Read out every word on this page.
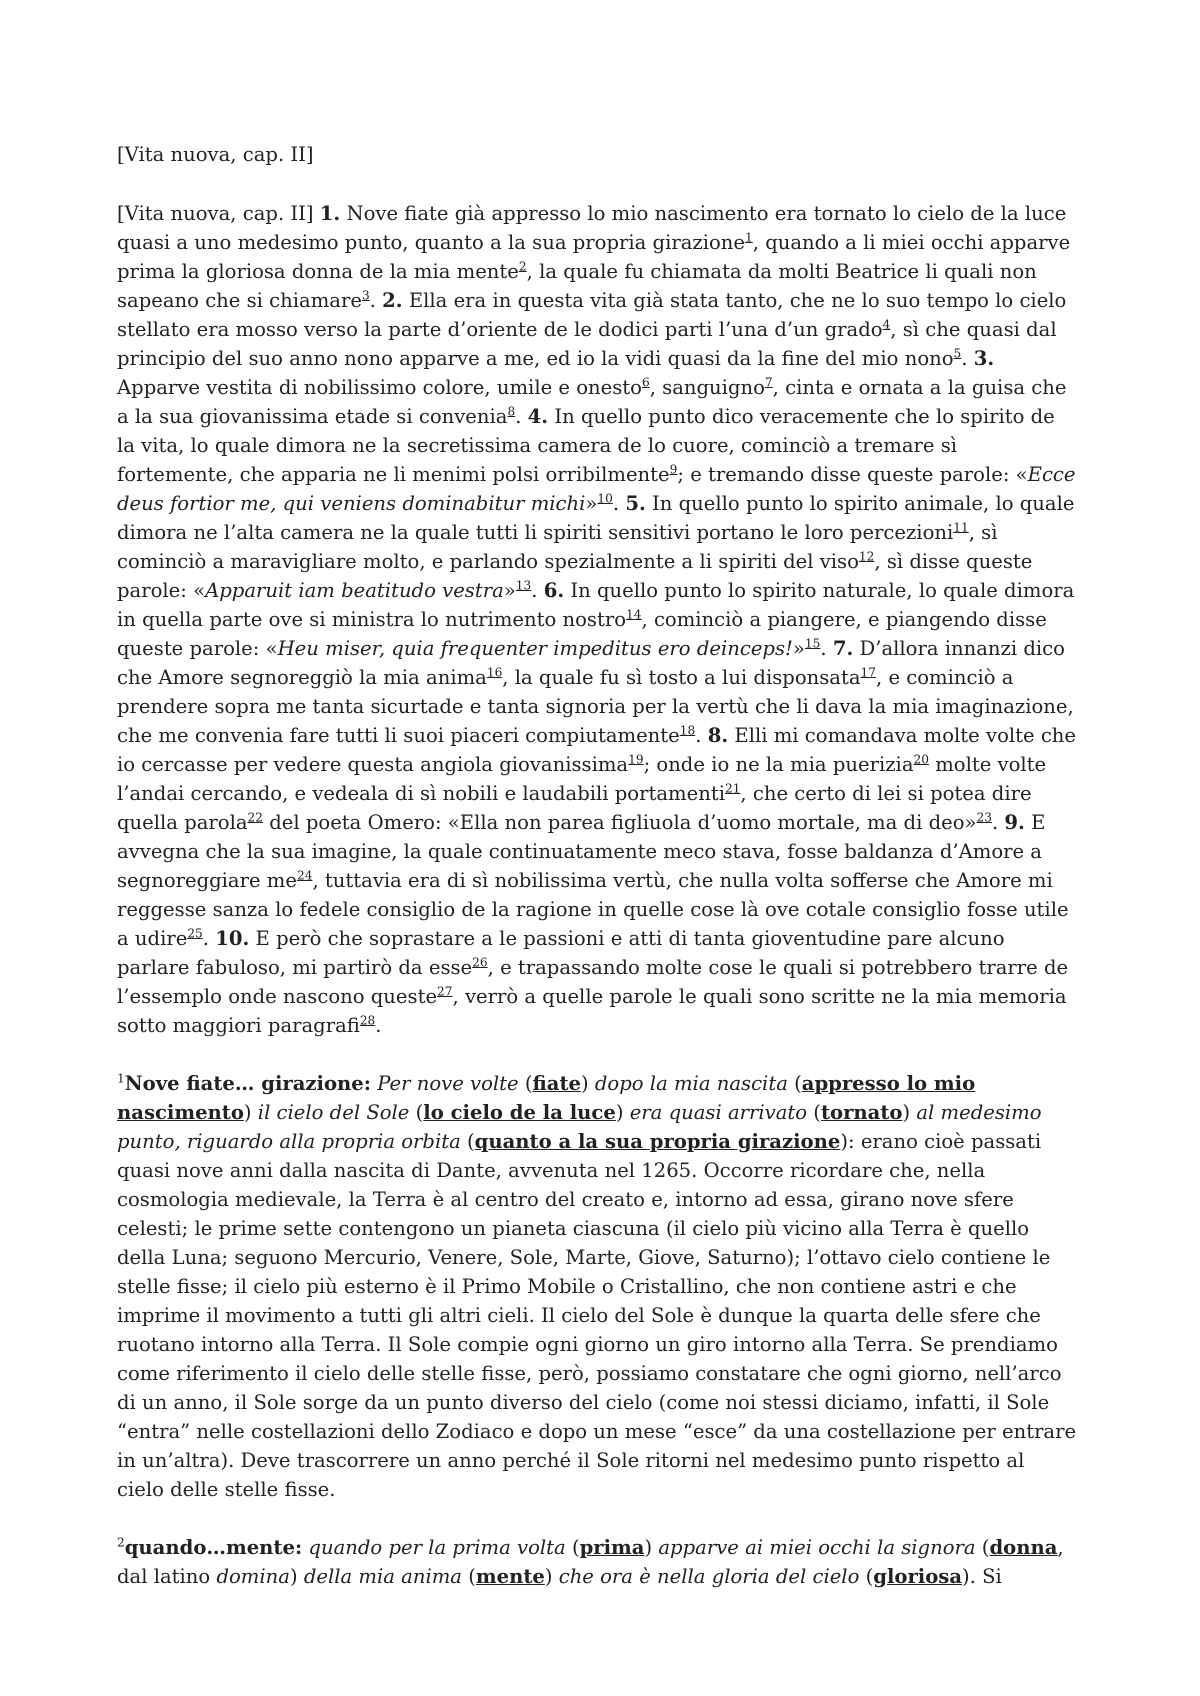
[Vita nuova, cap. II]

[Vita nuova, cap. II] 1. Nove fiate già appresso lo mio nascimento era tornato lo cielo de la luce quasi a uno medesimo punto, quanto a la sua propria girazione$^1$, quando a li miei occhi apparve prima la gloriosa donna de la mia mente$^2$, la quale fu chiamata da molti Beatrice li quali non sapeano che si chiamare$^3$. 2. Ella era in questa vita già stata tanto, che ne lo suo tempo lo cielo stellato era mosso verso la parte d’oriente de le dodici parti l’una d’un grado$^4$, sì che quasi dal principio del suo anno nono apparve a me, ed io la vidi quasi da la fine del mio nono$^5$. 3. Apparve vestita di nobilissimo colore, umile e onesto$^6$, sanguigno$^7$, cinta e ornata a la guisa che a la sua giovanissima etade si convenia$^8$. 4. In quello punto dico veracemente che lo spirito de la vita, lo quale dimora ne la secretissima camera de lo cuore, cominciò a tremare sì fortemente, che apparia ne li menimi polsi orribilmente$^9$; e tremando disse queste parole: «Ecce deus fortior me, qui veniens dominabitur michi»$^{10}$. 5. In quello punto lo spirito animale, lo quale dimora ne l’alta camera ne la quale tutti li spiriti sensitivi portano le loro percezioni$^{11}$, sì cominciò a maravigliare molto, e parlando spezialmente a li spiriti del viso$^{12}$, sì disse queste parole: «Apparuit iam beatitudo vestra»$^{13}$. 6. In quello punto lo spirito naturale, lo quale dimora in quella parte ove si ministra lo nutrimento nostro$^{14}$, cominciò a piangere, e piangendo disse queste parole: «Heu miser, quia frequenter impeditus ero deinceps!»$^{15}$. 7. D’allora innanzi dico che Amore segnoreggiò la mia anima$^{16}$, la quale fu sì tosto a lui disponsata$^{17}$, e cominciò a prendere sopra me tanta sicurtade e tanta signoria per la vertù che li dava la mia imaginazione, che me convenia fare tutti li suoi piaceri compiutamente$^{18}$. 8. Elli mi comandava molte volte che io cercasse per vedere questa angiola giovanissima$^{19}$; onde io ne la mia puerizia$^{20}$ molte volte l’andai cercando, e vedeala di sì nobili e laudabili portamenti$^{21}$, che certo di lei si potea dire quella parola$^{22}$ del poeta Omero: «Ella non parea figliuola d’uomo mortale, ma di deo»$^{23}$. 9. E avvegna che la sua imagine, la quale continuatamente meco stava, fosse baldanza d’Amore a segnoreggiare me$^{24}$, tuttavia era di sì nobilissima vertù, che nulla volta sofferse che Amore mi reggesse sanza lo fedele consiglio de la ragione in quelle cose là ove cotale consiglio fosse utile a udire$^{25}$. 10. E però che soprastare a le passioni e atti di tanta gioventudine pare alcuno parlare fabuloso, mi partirò da esse$^{26}$, e trapassando molte cose le quali si potrebbero trarre de l’essemplo onde nascono queste$^{27}$, verrò a quelle parole le quali sono scritte ne la mia memoria sotto maggiori paragrafi$^{28}$.

$^1$Nove fiate… girazione: Per nove volte (fiate) dopo la mia nascita (appresso lo mio nascimento) il cielo del Sole (lo cielo de la luce) era quasi arrivato (tornato) al medesimo punto, riguardo alla propria orbita (quanto a la sua propria girazione): erano cioè passati quasi nove anni dalla nascita di Dante, avvenuta nel 1265. Occorre ricordare che, nella cosmologia medievale, la Terra è al centro del creato e, intorno ad essa, girano nove sfere celesti; le prime sette contengono un pianeta ciascuna (il cielo più vicino alla Terra è quello della Luna; seguono Mercurio, Venere, Sole, Marte, Giove, Saturno); l’ottavo cielo contiene le stelle fisse; il cielo più esterno è il Primo Mobile o Cristallino, che non contiene astri e che imprime il movimento a tutti gli altri cieli. Il cielo del Sole è dunque la quarta delle sfere che ruotano intorno alla Terra. Il Sole compie ogni giorno un giro intorno alla Terra. Se prendiamo come riferimento il cielo delle stelle fisse, però, possiamo constatare che ogni giorno, nell’arco di un anno, il Sole sorge da un punto diverso del cielo (come noi stessi diciamo, infatti, il Sole “entra” nelle costellazioni dello Zodiaco e dopo un mese “esce” da una costellazione per entrare in un’altra). Deve trascorrere un anno perché il Sole ritorni nel medesimo punto rispetto al cielo delle stelle fisse.

$^2$quando…mente: quando per la prima volta (prima) apparve ai miei occhi la signora (donna, dal latino domina) della mia anima (mente) che ora è nella gloria del cielo (gloriosa). Si
